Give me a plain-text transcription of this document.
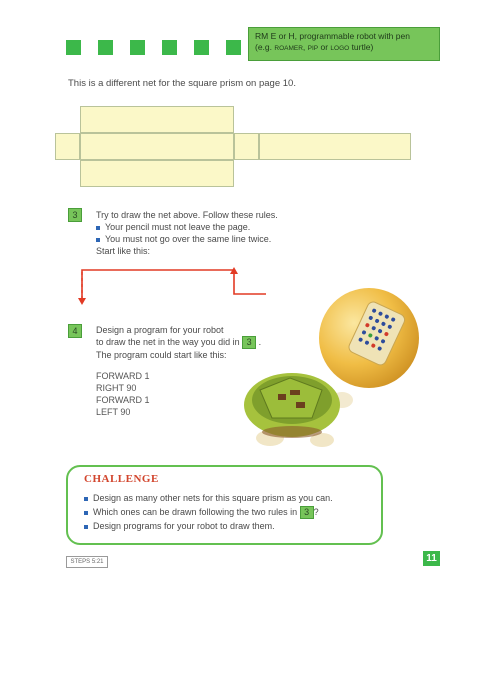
RM E or H, programmable robot with pen
(e.g. ROAMER, PIP or LOGO turtle)
This is a different net for the square prism on page 10.
3	Try to draw the net above. Follow these rules.
Your pencil must not leave the page.
You must not go over the same line twice.
Start like this:
4	Design a program for your robot
to draw the net in the way you did in 3 .
The program could start like this:
FORWARD 1
RIGHT 90
FORWARD 1
LEFT 90
CHALLENGE
Design as many other nets for this square prism as you can.
Which ones can be drawn following the two rules in 3 ?
Design programs for your robot to draw them.
STEPS 5:21	11
